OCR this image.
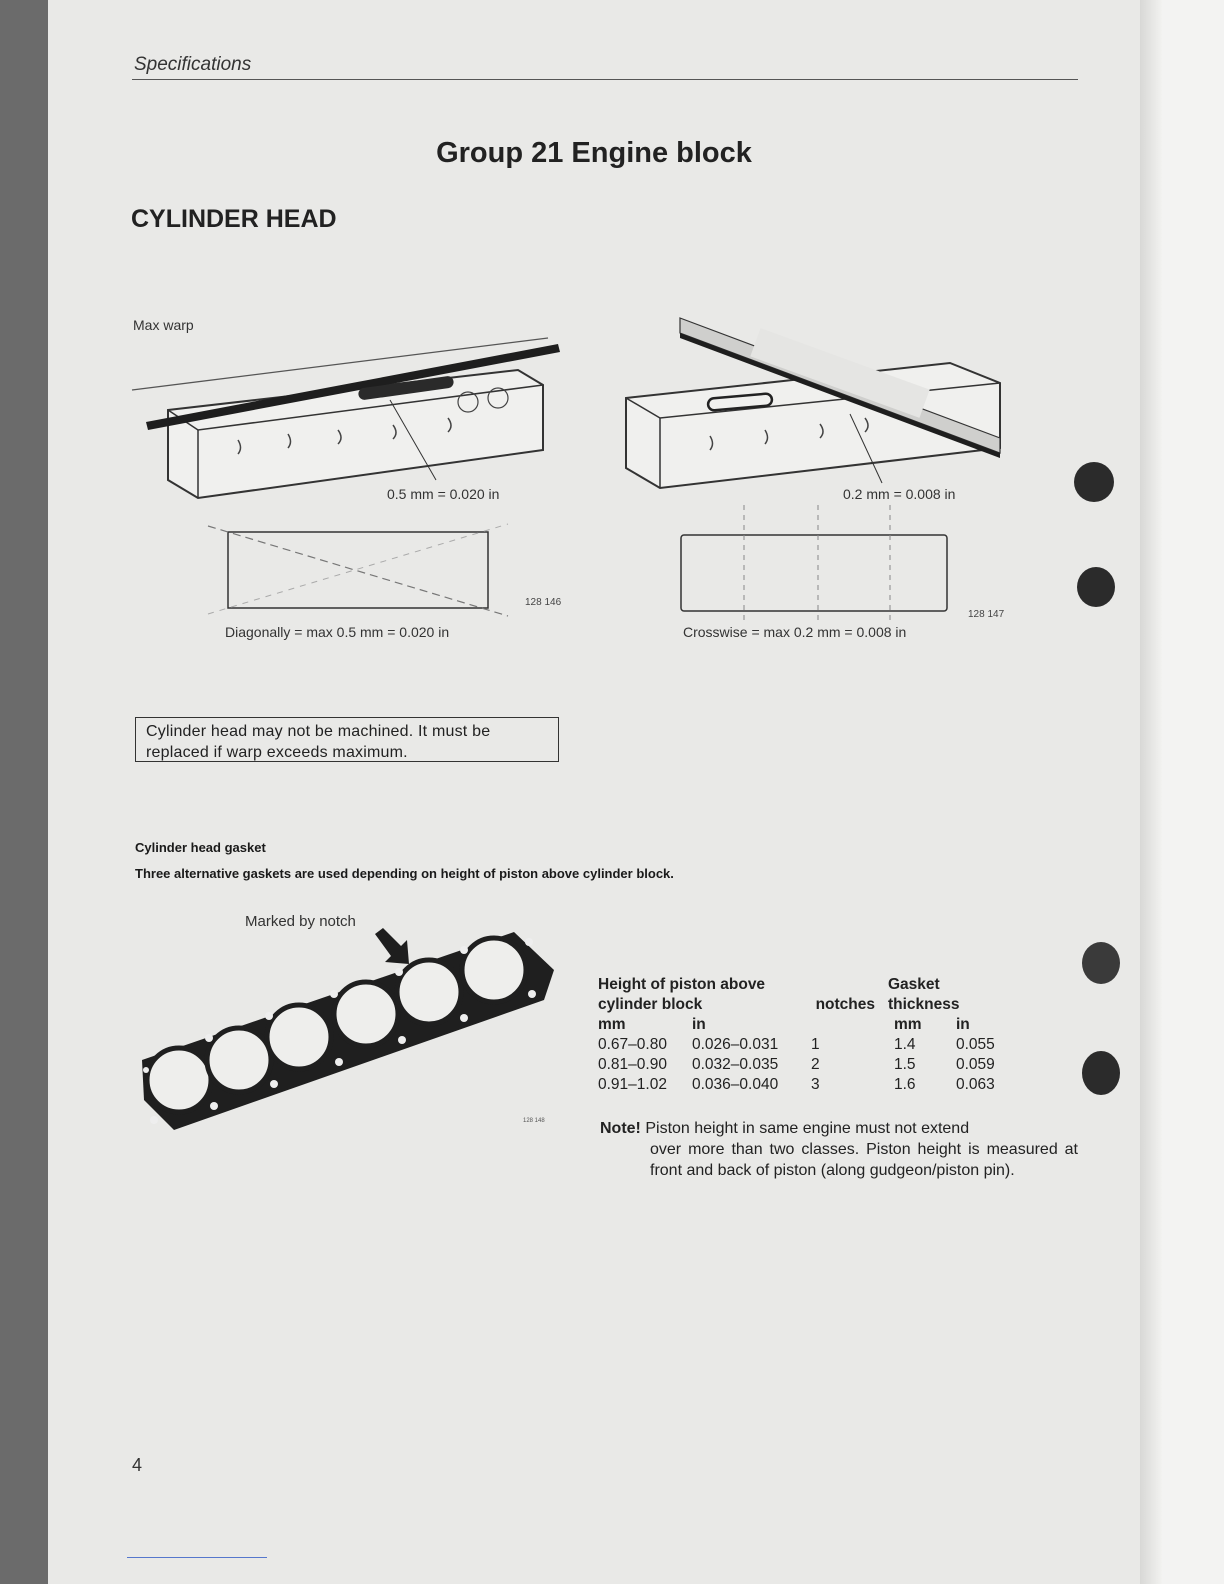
Specifications
Group 21 Engine block
CYLINDER HEAD
Max warp
0.5 mm = 0.020 in
128 146
Diagonally = max 0.5 mm = 0.020 in
0.2 mm = 0.008 in
128 147
Crosswise = max 0.2 mm = 0.008 in
Cylinder head may not be machined. It must be replaced if warp exceeds maximum.
Cylinder head gasket
Three alternative gaskets are used depending on height of piston above cylinder block.
Marked by notch
128 148
Height of piston above			Gasket	
cylinder block		notches	thickness	
mm	in		mm	in
0.67–0.80	0.026–0.031	1	1.4	0.055
0.81–0.90	0.032–0.035	2	1.5	0.059
0.91–1.02	0.036–0.040	3	1.6	0.063
Note! Piston height in same engine must not extend
over more than two classes. Piston height is measured at front and back of piston (along gudgeon/piston pin).
4
